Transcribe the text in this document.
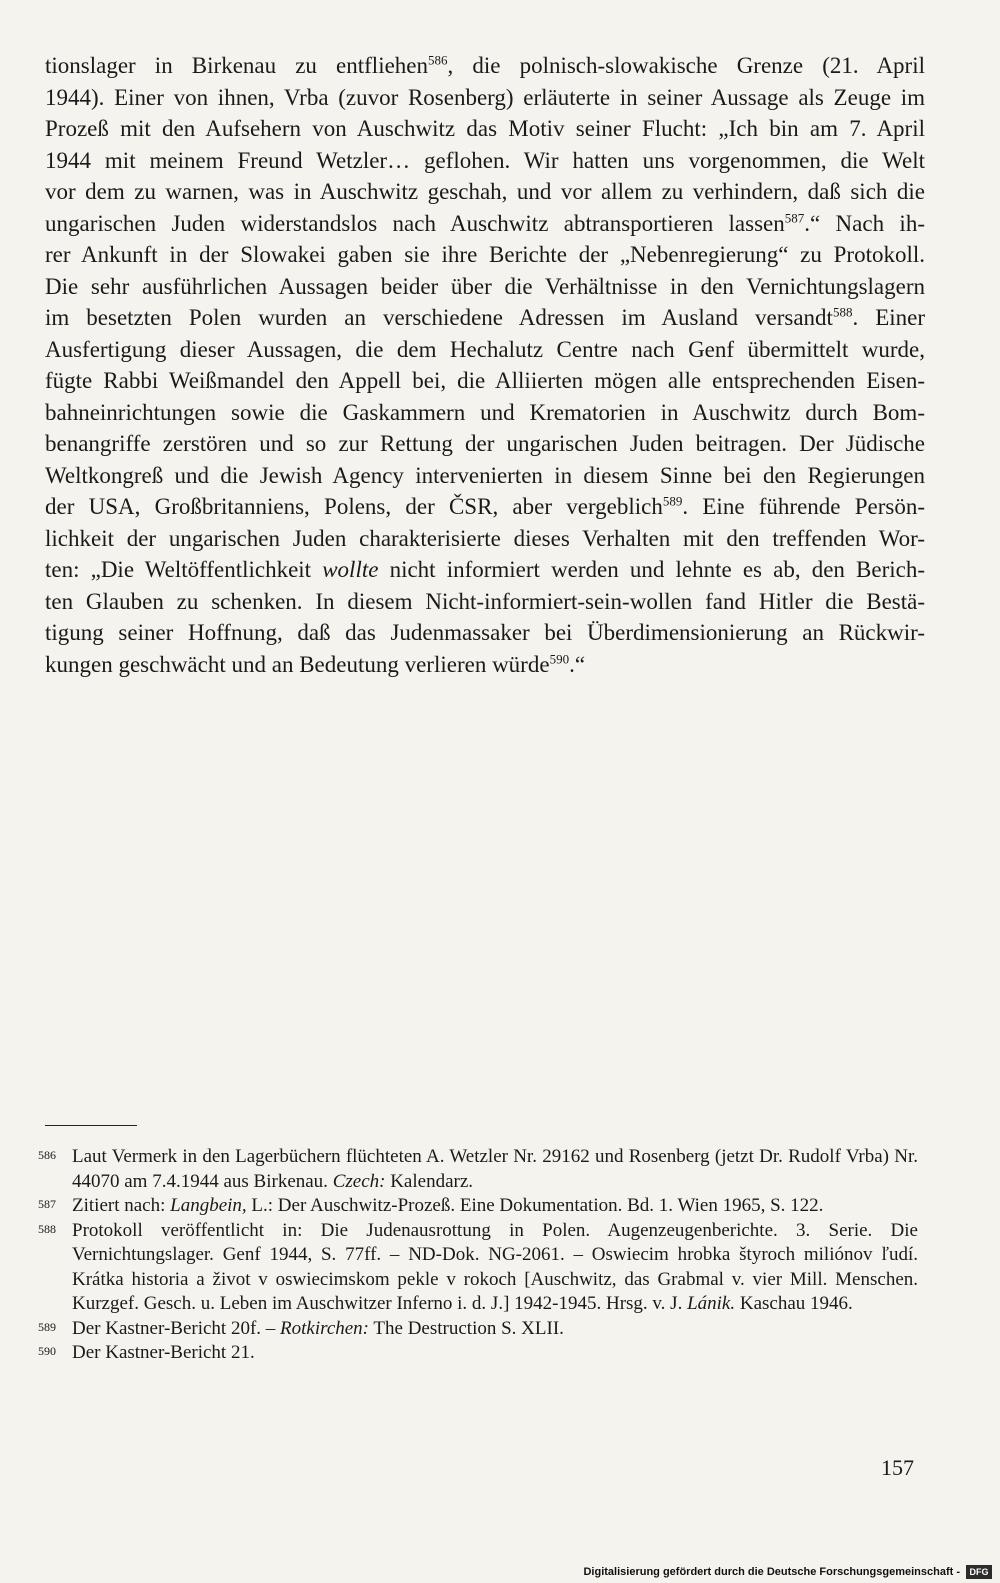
tionslager in Birkenau zu entfliehen$^{586}$, die polnisch-slowakische Grenze (21. April
1944). Einer von ihnen, Vrba (zuvor Rosenberg) erläuterte in seiner Aussage als Zeuge im
Prozeß mit den Aufsehern von Auschwitz das Motiv seiner Flucht: „Ich bin am 7. April
1944 mit meinem Freund Wetzler… geflohen. Wir hatten uns vorgenommen, die Welt
vor dem zu warnen, was in Auschwitz geschah, und vor allem zu verhindern, daß sich die
ungarischen Juden widerstandslos nach Auschwitz abtransportieren lassen$^{587}$.“ Nach ih-
rer Ankunft in der Slowakei gaben sie ihre Berichte der „Nebenregierung“ zu Protokoll.
Die sehr ausführlichen Aussagen beider über die Verhältnisse in den Vernichtungslagern
im besetzten Polen wurden an verschiedene Adressen im Ausland versandt$^{588}$. Einer
Ausfertigung dieser Aussagen, die dem Hechalutz Centre nach Genf übermittelt wurde,
fügte Rabbi Weißmandel den Appell bei, die Alliierten mögen alle entsprechenden Eisen-
bahneinrichtungen sowie die Gaskammern und Krematorien in Auschwitz durch Bom-
benangriffe zerstören und so zur Rettung der ungarischen Juden beitragen. Der Jüdische
Weltkongreß und die Jewish Agency intervenierten in diesem Sinne bei den Regierungen
der USA, Großbritanniens, Polens, der ČSR, aber vergeblich$^{589}$. Eine führende Persön-
lichkeit der ungarischen Juden charakterisierte dieses Verhalten mit den treffenden Wor-
ten: „Die Weltöffentlichkeit wollte nicht informiert werden und lehnte es ab, den Berich-
ten Glauben zu schenken. In diesem Nicht-informiert-sein-wollen fand Hitler die Bestä-
tigung seiner Hoffnung, daß das Judenmassaker bei Überdimensionierung an Rückwir-
kungen geschwächt und an Bedeutung verlieren würde$^{590}$.“
586 Laut Vermerk in den Lagerbüchern flüchteten A. Wetzler Nr. 29162 und Rosenberg (jetzt Dr. Rudolf Vrba) Nr. 44070 am 7.4.1944 aus Birkenau. Czech: Kalendarz.
587 Zitiert nach: Langbein, L.: Der Auschwitz-Prozeß. Eine Dokumentation. Bd. 1. Wien 1965, S. 122.
588 Protokoll veröffentlicht in: Die Judenausrottung in Polen. Augenzeugenberichte. 3. Serie. Die Vernichtungslager. Genf 1944, S. 77ff. – ND-Dok. NG-2061. – Oswiecim hrobka štyroch miliónov ľudí. Krátka historia a život v oswiecimskom pekle v rokoch [Auschwitz, das Grabmal v. vier Mill. Menschen. Kurzgef. Gesch. u. Leben im Auschwitzer Inferno i. d. J.] 1942-1945. Hrsg. v. J. Lánik. Kaschau 1946.
589 Der Kastner-Bericht 20f. – Rotkirchen: The Destruction S. XLII.
590 Der Kastner-Bericht 21.
157
Digitalisierung gefördert durch die Deutsche Forschungsgemeinschaft -	DFG
